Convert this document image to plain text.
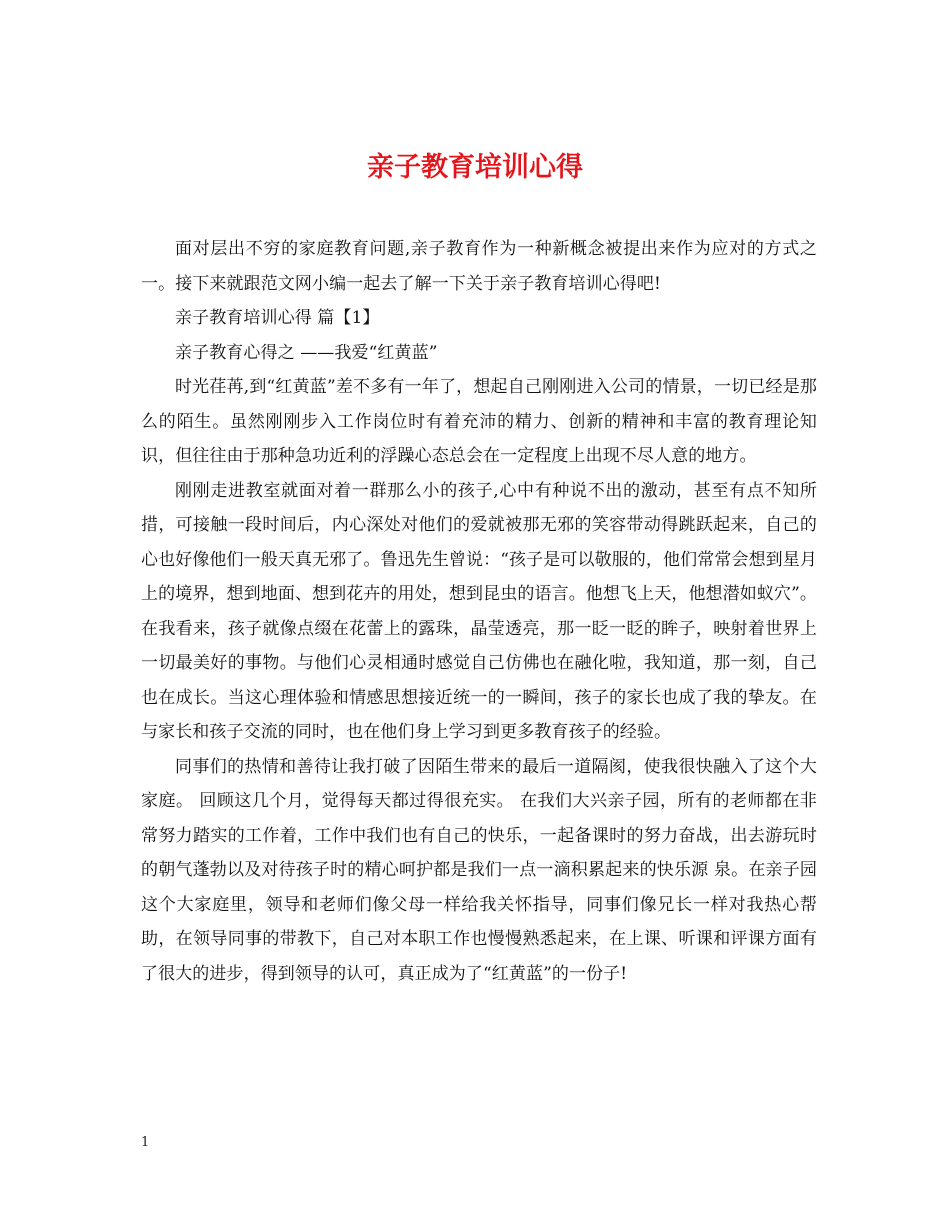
亲子教育培训心得

面对层出不穷的家庭教育问题,亲子教育作为一种新概念被提出来作为应对的方式之一。接下来就跟范文网小编一起去了解一下关于亲子教育培训心得吧!

亲子教育培训心得 篇【1】

亲子教育心得之 ——我爱“红黄蓝”

时光荏苒,到“红黄蓝”差不多有一年了，想起自己刚刚进入公司的情景，一切已经是那么的陌生。虽然刚刚步入工作岗位时有着充沛的精力、创新的精神和丰富的教育理论知识，但往往由于那种急功近利的浮躁心态总会在一定程度上出现不尽人意的地方。

刚刚走进教室就面对着一群那么小的孩子,心中有种说不出的激动，甚至有点不知所措，可接触一段时间后，内心深处对他们的爱就被那无邪的笑容带动得跳跃起来，自己的心也好像他们一般天真无邪了。鲁迅先生曾说：“孩子是可以敬服的，他们常常会想到星月上的境界，想到地面、想到花卉的用处，想到昆虫的语言。他想飞上天，他想潜如蚁穴”。在我看来，孩子就像点缀在花蕾上的露珠，晶莹透亮，那一眨一眨的眸子，映射着世界上一切最美好的事物。与他们心灵相通时感觉自己仿佛也在融化啦，我知道，那一刻，自己也在成长。当这心理体验和情感思想接近统一的一瞬间，孩子的家长也成了我的挚友。在与家长和孩子交流的同时，也在他们身上学习到更多教育孩子的经验。

同事们的热情和善待让我打破了因陌生带来的最后一道隔阂，使我很快融入了这个大家庭。 回顾这几个月，觉得每天都过得很充实。 在我们大兴亲子园，所有的老师都在非常努力踏实的工作着，工作中我们也有自己的快乐，一起备课时的努力奋战，出去游玩时的朝气蓬勃以及对待孩子时的精心呵护都是我们一点一滴积累起来的快乐源 泉。在亲子园这个大家庭里，领导和老师们像父母一样给我关怀指导，同事们像兄长一样对我热心帮助，在领导同事的带教下，自己对本职工作也慢慢熟悉起来，在上课、听课和评课方面有了很大的进步，得到领导的认可，真正成为了“红黄蓝”的一份子!

1
